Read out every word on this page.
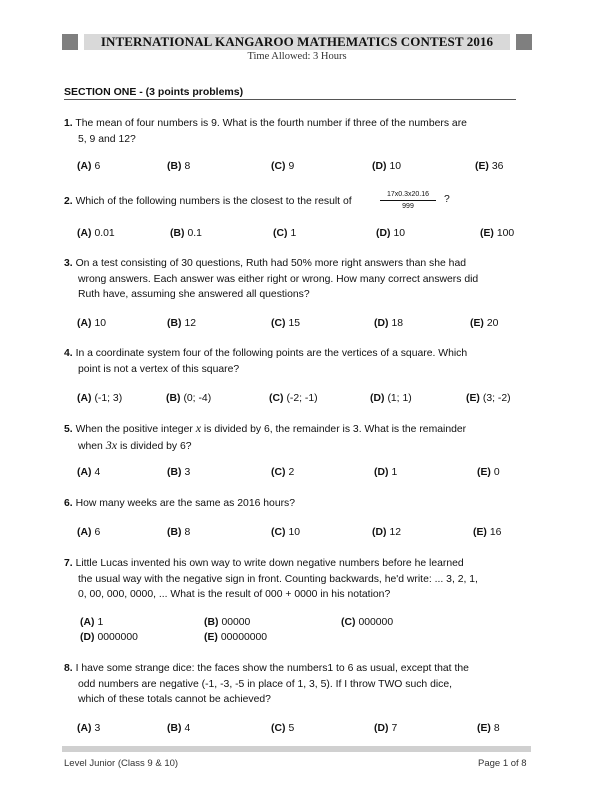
INTERNATIONAL KANGAROO MATHEMATICS CONTEST 2016
Time Allowed: 3 Hours
SECTION ONE - (3 points problems)
1. The mean of four numbers is 9. What is the fourth number if three of the numbers are

5, 9 and 12?
(A) 6	(B) 8	(C) 9	(D) 10	(E) 36
2. Which of the following numbers is the closest to the result of	$\frac{17x0.3x20.16}{999}$ ?
(A) 0.01	(B) 0.1	(C) 1	(D) 10	(E) 100
3. On a test consisting of 30 questions, Ruth had 50% more right answers than she had
wrong answers. Each answer was either right or wrong. How many correct answers did
Ruth have, assuming she answered all questions?
(A) 10	(B) 12	(C) 15	(D) 18	(E) 20
4. In a coordinate system four of the following points are the vertices of a square. Which
point is not a vertex of this square?
(A) (-1; 3)	(B) (0; -4)	(C) (-2; -1)	(D) (1; 1)	(E) (3; -2)
5. When the positive integer x is divided by 6, the remainder is 3. What is the remainder
when 3x is divided by 6?
(A) 4	(B) 3	(C) 2	(D) 1	(E) 0
6. How many weeks are the same as 2016 hours?
(A) 6	(B) 8	(C) 10	(D) 12	(E) 16
7. Little Lucas invented his own way to write down negative numbers before he learned
the usual way with the negative sign in front. Counting backwards, he'd write: ... 3, 2, 1,
0, 00, 000, 0000, ... What is the result of 000 + 0000 in his notation?
(A) 1	(B) 00000	(C) 000000
(D) 0000000	(E) 00000000
8. I have some strange dice: the faces show the numbers1 to 6 as usual, except that the
odd numbers are negative (-1, -3, -5 in place of 1, 3, 5). If I throw TWO such dice,
which of these totals cannot be achieved?
(A) 3	(B) 4	(C) 5	(D) 7	(E) 8
Level Junior (Class 9 & 10)	Page 1 of 8
